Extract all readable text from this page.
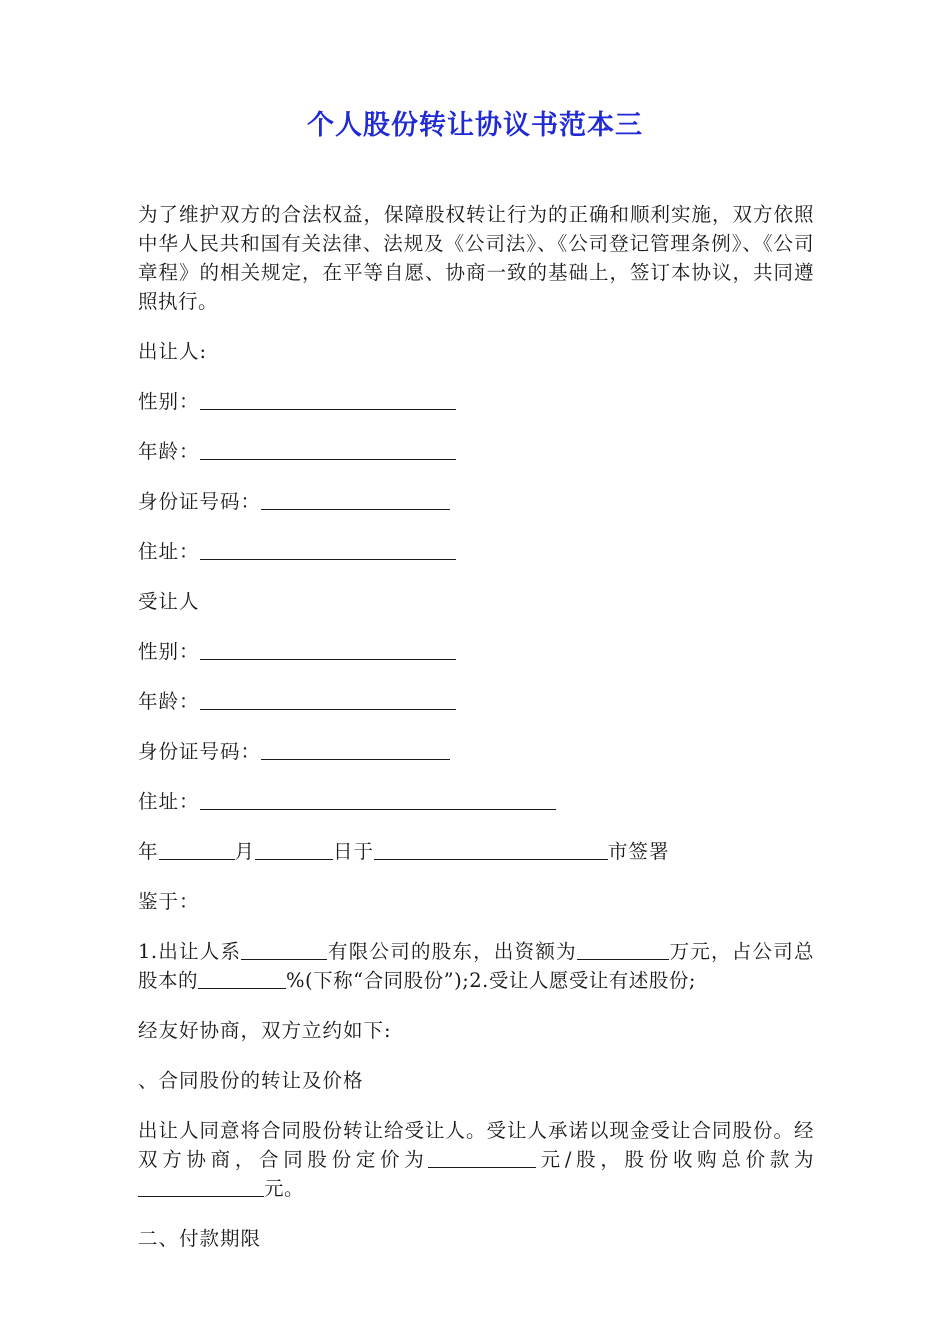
个人股份转让协议书范本三

为了维护双方的合法权益，保障股权转让行为的正确和顺利实施，双方依照中华人民共和国有关法律、法规及《公司法》、《公司登记管理条例》、《公司章程》的相关规定，在平等自愿、协商一致的基础上，签订本协议，共同遵照执行。

出让人:
性别：
年龄：
身份证号码：
住址：
受让人
性别：
年龄：
身份证号码：
住址：
年	月	日于	市签署
鉴于：

1.出让人系	有限公司的股东，出资额为	万元，占公司总股本的	%(下称“合同股份”);2.受让人愿受让有述股份;

经友好协商，双方立约如下:
、合同股份的转让及价格

出让人同意将合同股份转让给受让人。受让人承诺以现金受让合同股份。经双方协商，合同股份定价为	元/股，股份收购总价款为元。

二、付款期限
